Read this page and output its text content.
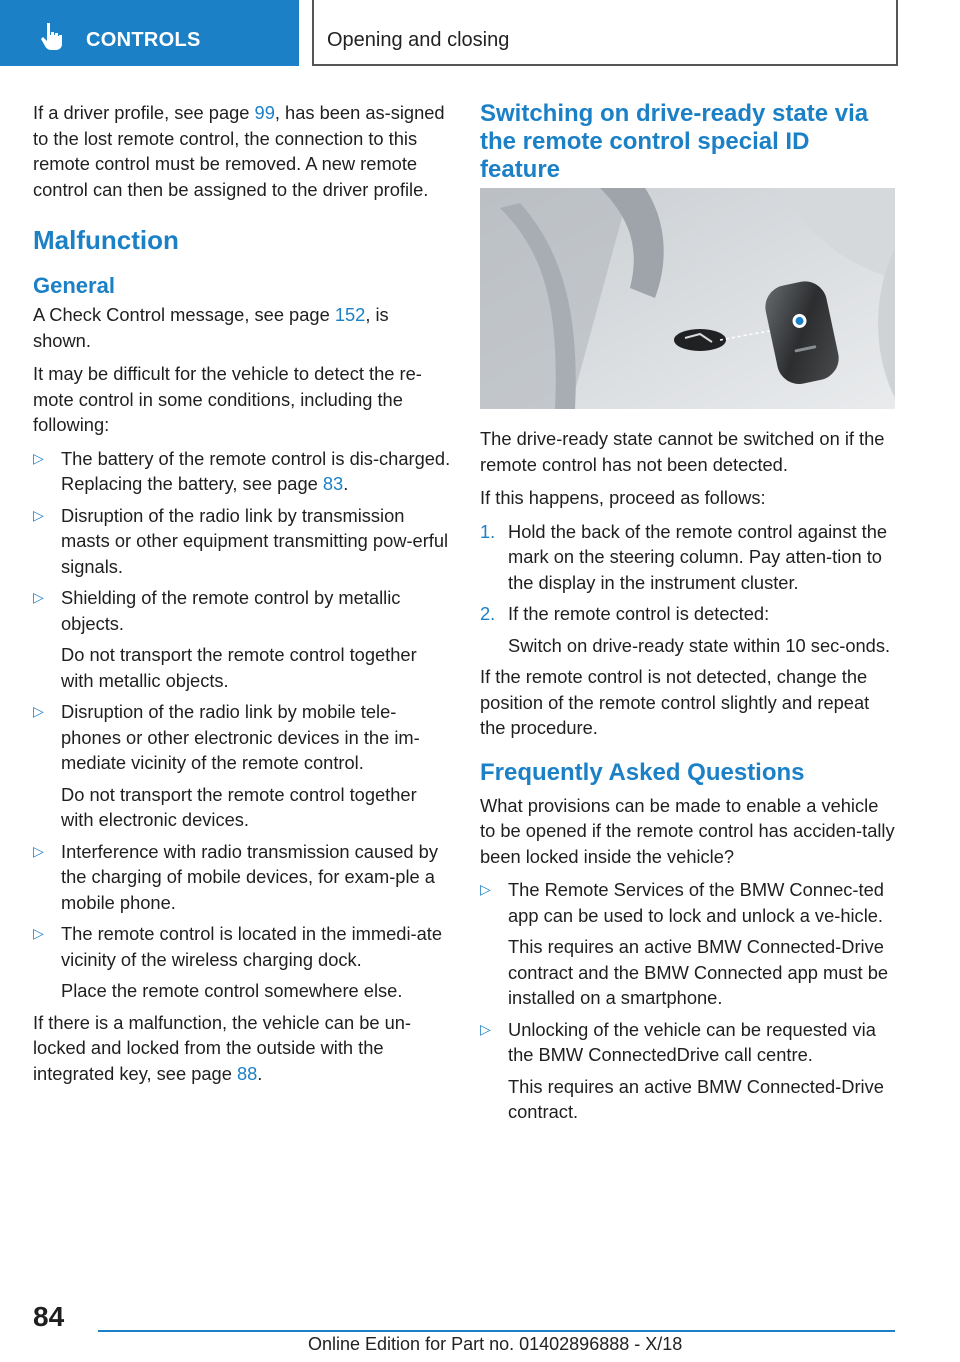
CONTROLS	Opening and closing

If a driver profile, see page 99, has been as‐signed to the lost remote control, the connection to this remote control must be removed. A new remote control can then be assigned to the driver profile.

Malfunction
General

A Check Control message, see page 152, is shown.

It may be difficult for the vehicle to detect the re‐mote control in some conditions, including the following:

▷ The battery of the remote control is dis‐charged. Replacing the battery, see page 83.

▷ Disruption of the radio link by transmission masts or other equipment transmitting pow‐erful signals.

▷ Shielding of the remote control by metallic objects.

Do not transport the remote control together with metallic objects.

▷ Disruption of the radio link by mobile tele‐phones or other electronic devices in the im‐mediate vicinity of the remote control.

Do not transport the remote control together with electronic devices.

▷ Interference with radio transmission caused by the charging of mobile devices, for exam‐ple a mobile phone.

▷ The remote control is located in the immedi‐ate vicinity of the wireless charging dock.

Place the remote control somewhere else.

If there is a malfunction, the vehicle can be un‐locked and locked from the outside with the integrated key, see page 88.

Switching on drive-ready state via the remote control special ID feature

The drive-ready state cannot be switched on if the remote control has not been detected.

If this happens, proceed as follows:

1. Hold the back of the remote control against the mark on the steering column. Pay atten‐tion to the display in the instrument cluster.

2. If the remote control is detected:

Switch on drive-ready state within 10 sec‐onds.

If the remote control is not detected, change the position of the remote control slightly and repeat the procedure.

Frequently Asked Questions

What provisions can be made to enable a vehicle to be opened if the remote control has acciden‐tally been locked inside the vehicle?

▷ The Remote Services of the BMW Connec‐ted app can be used to lock and unlock a ve‐hicle.

This requires an active BMW Connected‐Drive contract and the BMW Connected app must be installed on a smartphone.

▷ Unlocking of the vehicle can be requested via the BMW ConnectedDrive call centre.

This requires an active BMW Connected‐Drive contract.

84
Online Edition for Part no. 01402896888 - X/18
